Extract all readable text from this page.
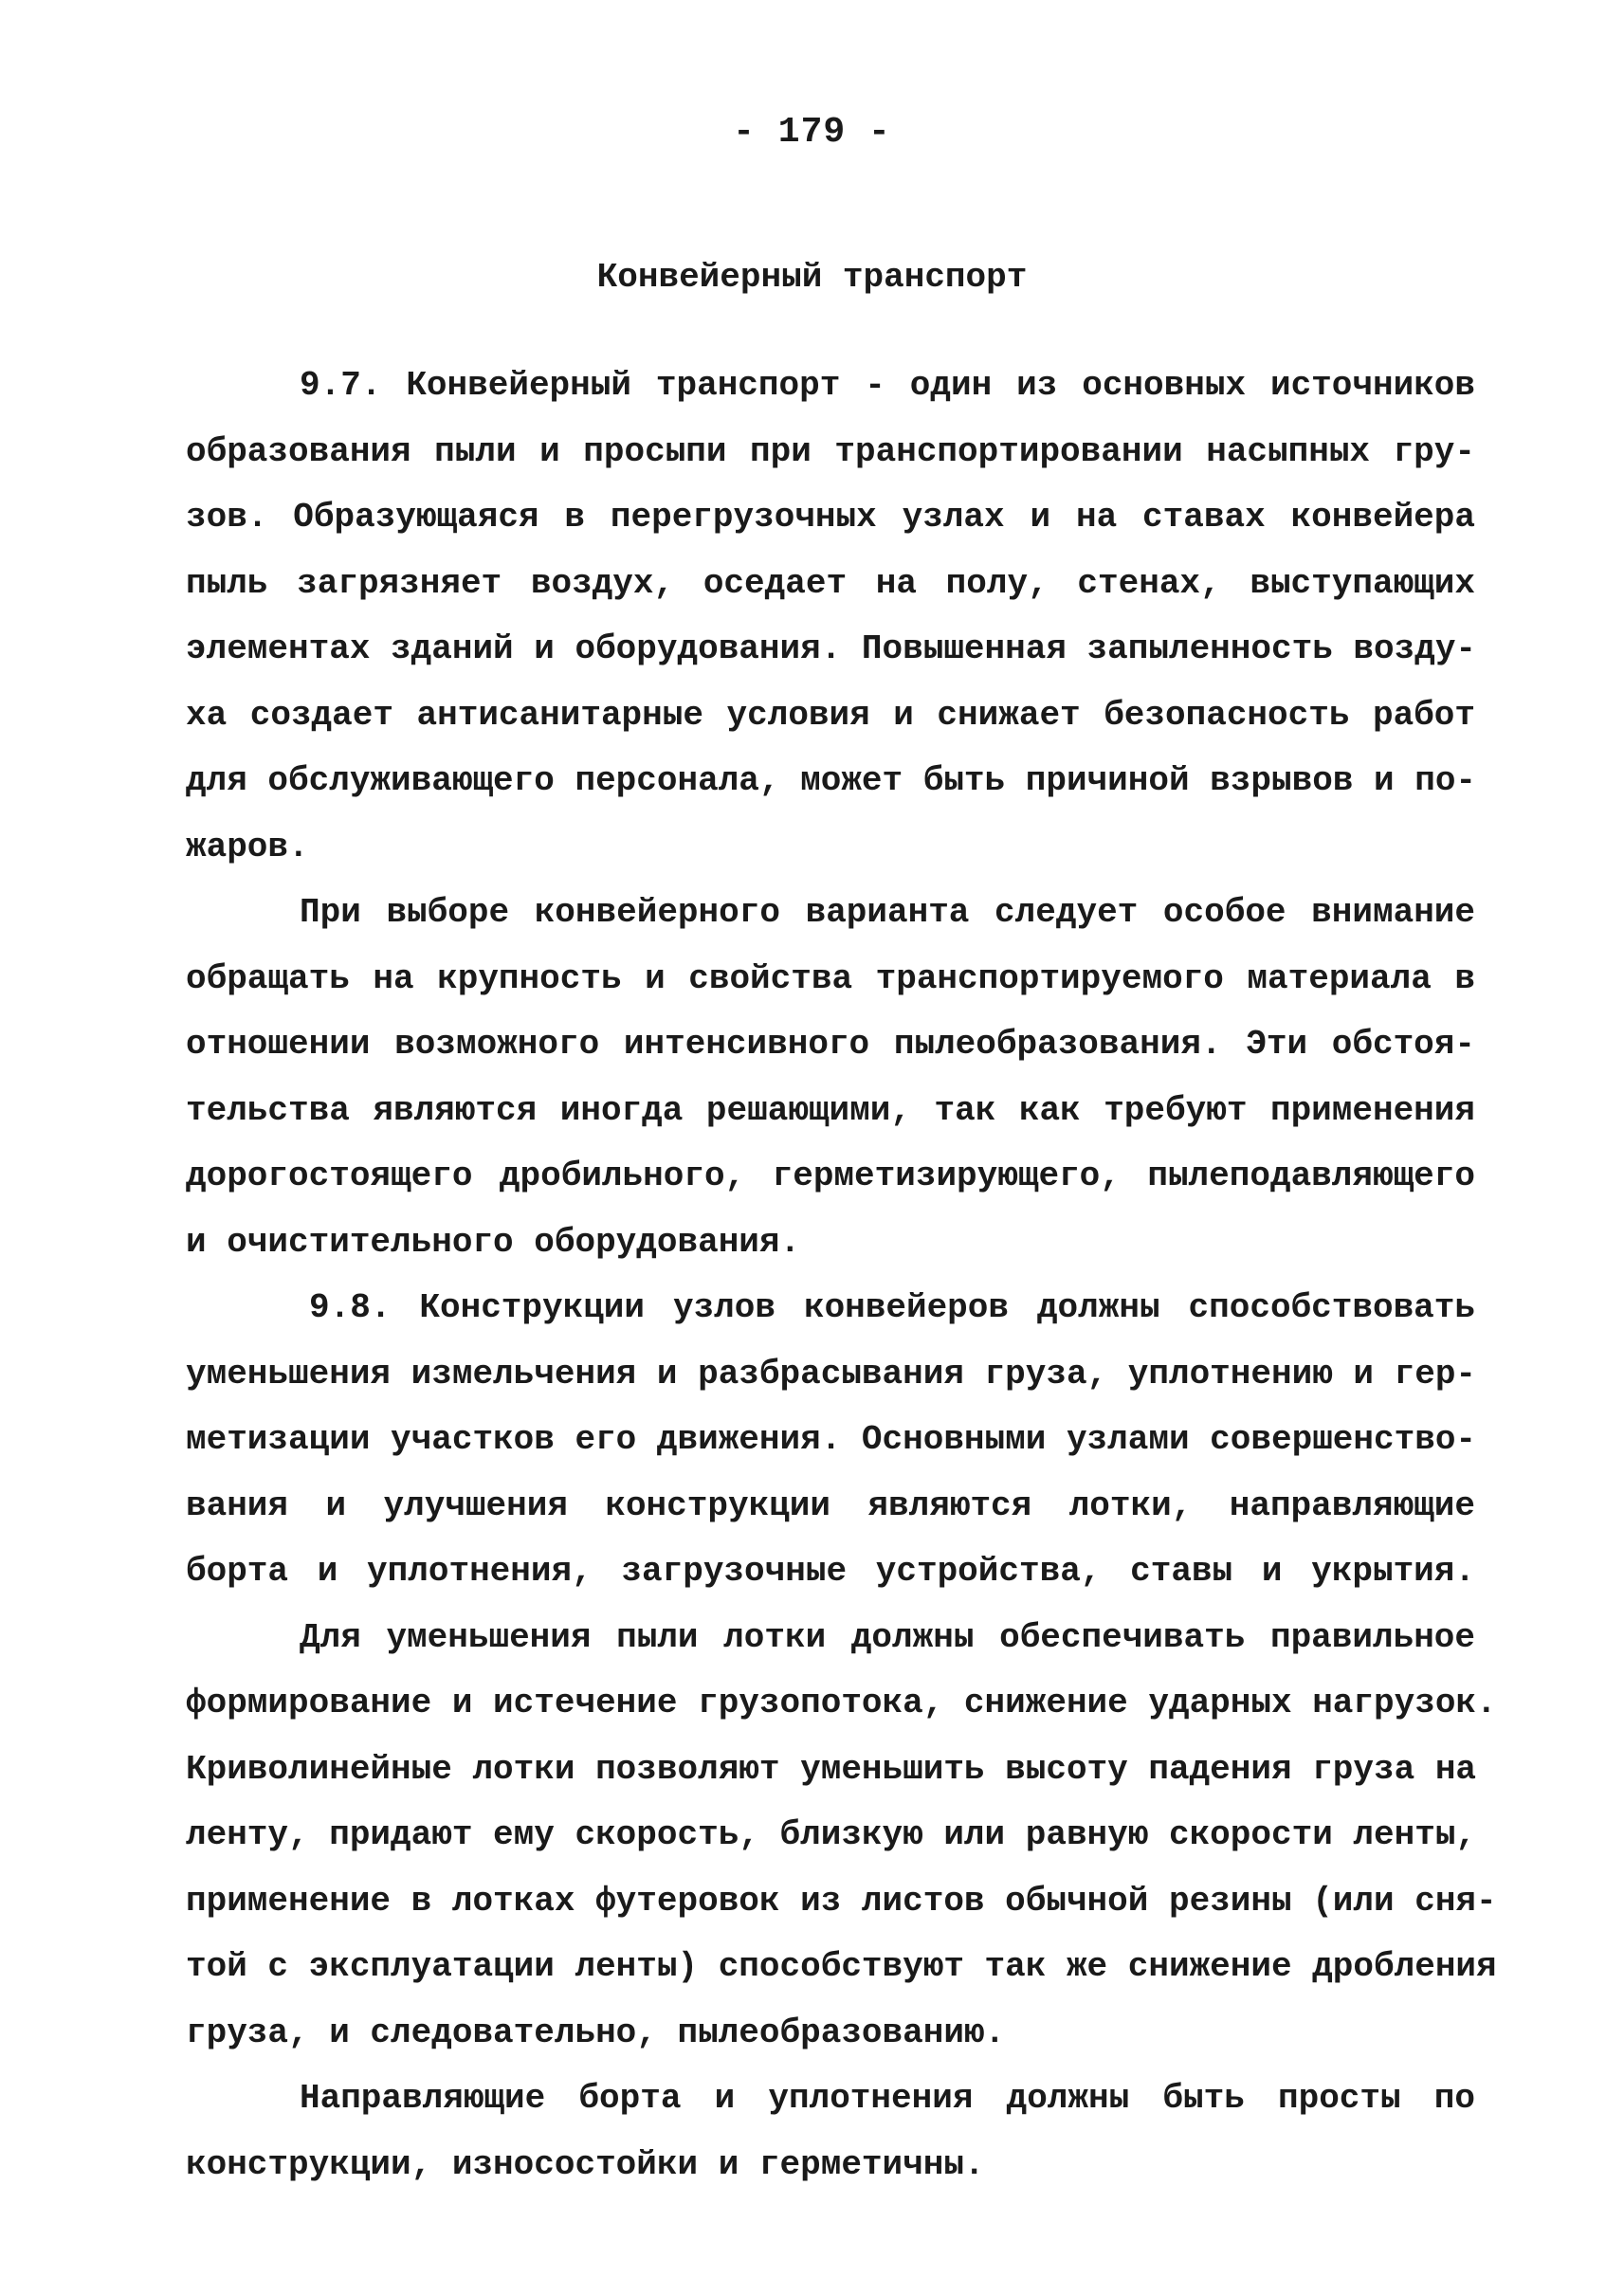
- 179 -
Конвейерный транспорт
9.7. Конвейерный транспорт - один из основных источников
образования пыли и просыпи при транспортировании насыпных гру-
зов. Образующаяся в перегрузочных узлах и на ставах конвейера
пыль загрязняет воздух, оседает на полу, стенах, выступающих
элементах зданий и оборудования. Повышенная запыленность возду-
ха создает антисанитарные условия и снижает безопасность работ
для обслуживающего персонала, может быть причиной взрывов и по-
жаров.
При выборе конвейерного варианта следует особое внимание
обращать на крупность и свойства транспортируемого материала в
отношении возможного интенсивного пылеобразования. Эти обстоя-
тельства являются иногда решающими, так как требуют применения
дорогостоящего дробильного, герметизирующего, пылеподавляющего
и очистительного оборудования.
9.8. Конструкции узлов конвейеров должны способствовать
уменьшения измельчения и разбрасывания груза, уплотнению и гер-
метизации участков его движения. Основными узлами совершенство-
вания и улучшения конструкции являются лотки, направляющие
борта и уплотнения, загрузочные устройства, ставы и укрытия.
Для уменьшения пыли лотки должны обеспечивать правильное
формирование и истечение грузопотока, снижение ударных нагрузок.
Криволинейные лотки позволяют уменьшить высоту падения груза на
ленту, придают ему скорость, близкую или равную скорости ленты,
применение в лотках футеровок из листов обычной резины (или сня-
той с эксплуатации ленты) способствуют так же снижение дробления
груза, и следовательно, пылеобразованию.
Направляющие борта и уплотнения должны быть просты по
конструкции, износостойки и герметичны.
